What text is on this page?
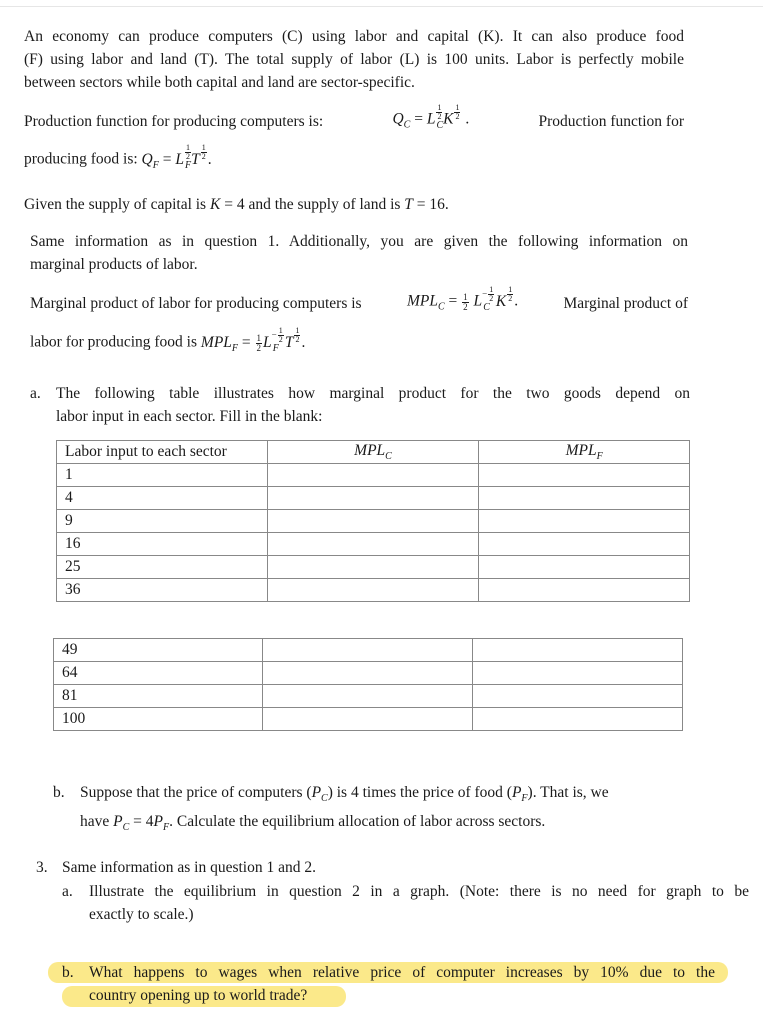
An economy can produce computers (C) using labor and capital (K). It can also produce food
(F) using labor and land (T). The total supply of labor (L) is 100 units. Labor is perfectly mobile
between sectors while both capital and land are sector-specific.
Production function for producing computers is:	$Q_C = L \frac{1}{2}$
$_CK \frac{1}{2}$ .	Production function for
producing food is: $Q_F = L \frac{1}{2}$
$_FT \frac{1}{2}$ .
Given the supply of capital is K = 4 and the supply of land is T = 16.
Same information as in question 1. Additionally, you are given the following information on
marginal products of labor.
Marginal product of labor for producing computers is	$MPL_C = \frac{1}{2} L- \frac{1}{2}$
$_C$ K $\frac{1}{2}$ .	Marginal product of
labor for producing food is $MPL_F = \frac{1}{2} L- \frac{1}{2}$
$_F$ T $\frac{1}{2}$ .
a. The following table illustrates how marginal product for the two goods depend on
labor input in each sector. Fill in the blank:
Labor input to each sector	$MPL_C$	$MPL_F$
1		
4		
9		
16		
25		
36		
49		
64		
81		
100		
b. Suppose that the price of computers $(P_C)$ is 4 times the price of food $(P_F)$. That is, we
have $P_C = 4P_F$. Calculate the equilibrium allocation of labor across sectors.
3. Same information as in question 1 and 2.
a.	Illustrate the equilibrium in question 2 in a graph. (Note: there is no need for graph to be
exactly to scale.)
b. What happens to wages when relative price of computer increases by 10% due to the
country opening up to world trade?
